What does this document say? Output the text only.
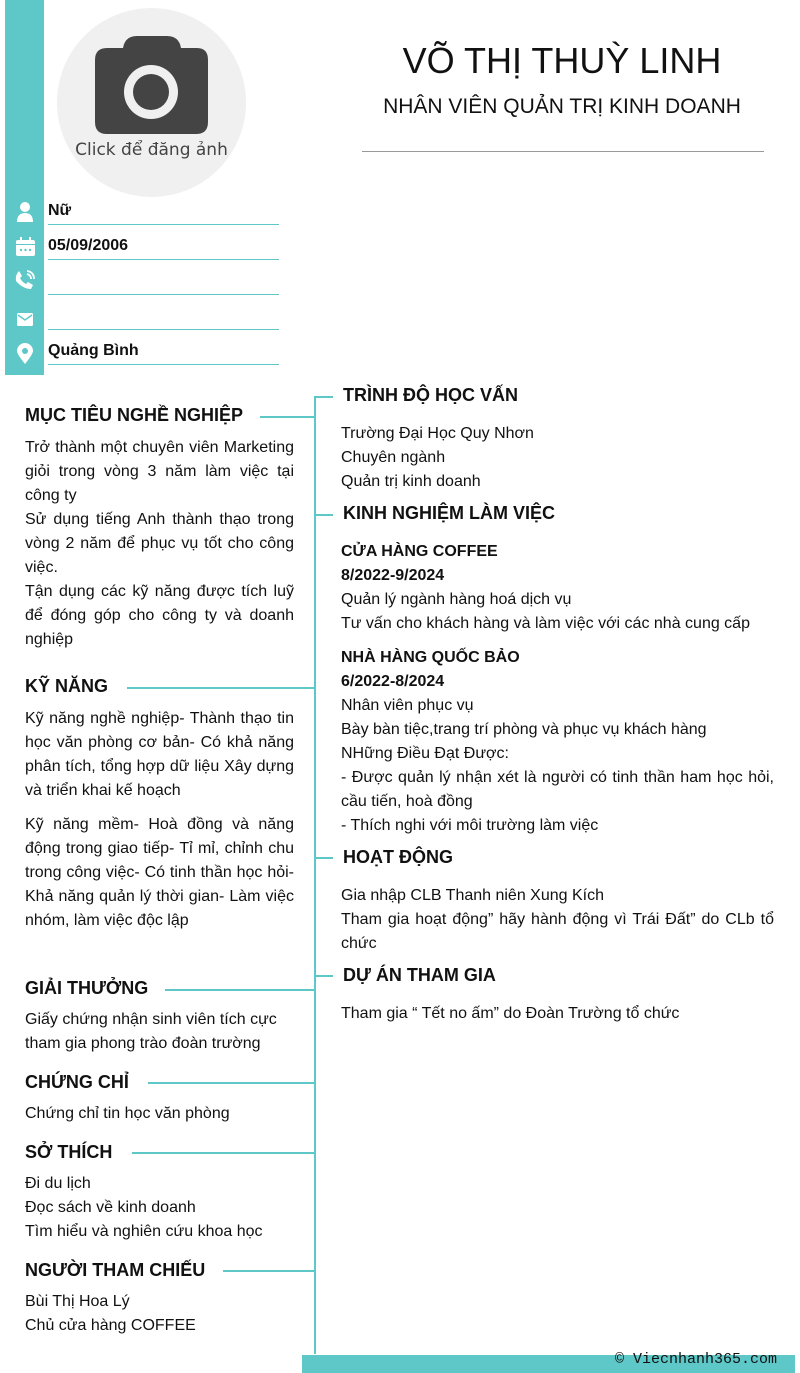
Click để đăng ảnh
VÕ THỊ THUỲ LINH
NHÂN VIÊN QUẢN TRỊ KINH DOANH
Nữ
05/09/2006
Quảng Bình
MỤC TIÊU NGHỀ NGHIỆP
Trở thành một chuyên viên Marketing giỏi trong vòng 3 năm làm việc tại công ty
Sử dụng tiếng Anh thành thạo trong vòng 2 năm để phục vụ tốt cho công việc.
Tận dụng các kỹ năng được tích luỹ để đóng góp cho công ty và doanh nghiệp
KỸ NĂNG
Kỹ năng nghề nghiệp- Thành thạo tin học văn phòng cơ bản- Có khả năng phân tích, tổng hợp dữ liệu Xây dựng và triển khai kế hoạch
Kỹ năng mềm- Hoà đồng và năng động trong giao tiếp- Tỉ mỉ, chỉnh chu trong công việc- Có tinh thần học hỏi- Khả năng quản lý thời gian- Làm việc nhóm, làm việc độc lập
GIẢI THƯỞNG
Giấy chứng nhận sinh viên tích cực tham gia phong trào đoàn trường
CHỨNG CHỈ
Chứng chỉ tin học văn phòng
SỞ THÍCH
Đi du lịch
Đọc sách về kinh doanh
Tìm hiểu và nghiên cứu khoa học
NGƯỜI THAM CHIẾU
Bùi Thị Hoa Lý
Chủ cửa hàng COFFEE
TRÌNH ĐỘ HỌC VẤN
Trường Đại Học Quy Nhơn
Chuyên ngành
Quản trị kinh doanh
KINH NGHIỆM LÀM VIỆC
CỬA HÀNG COFFEE
8/2022-9/2024
Quản lý ngành hàng hoá dịch vụ
Tư vấn cho khách hàng và làm việc với các nhà cung cấp
NHÀ HÀNG QUỐC BẢO
6/2022-8/2024
Nhân viên phục vụ
Bày bàn tiệc,trang trí phòng và phục vụ khách hàng
NHững Điều Đạt Được:
- Được quản lý nhận xét là người có tinh thần ham học hỏi, cầu tiến, hoà đồng
- Thích nghi với môi trường làm việc
HOẠT ĐỘNG
Gia nhập CLB Thanh niên Xung Kích
Tham gia hoạt động” hãy hành động vì Trái Đất” do CLb tổ chức
DỰ ÁN THAM GIA
Tham gia “ Tết no ấm” do Đoàn Trường tổ chức
© Viecnhanh365.com
